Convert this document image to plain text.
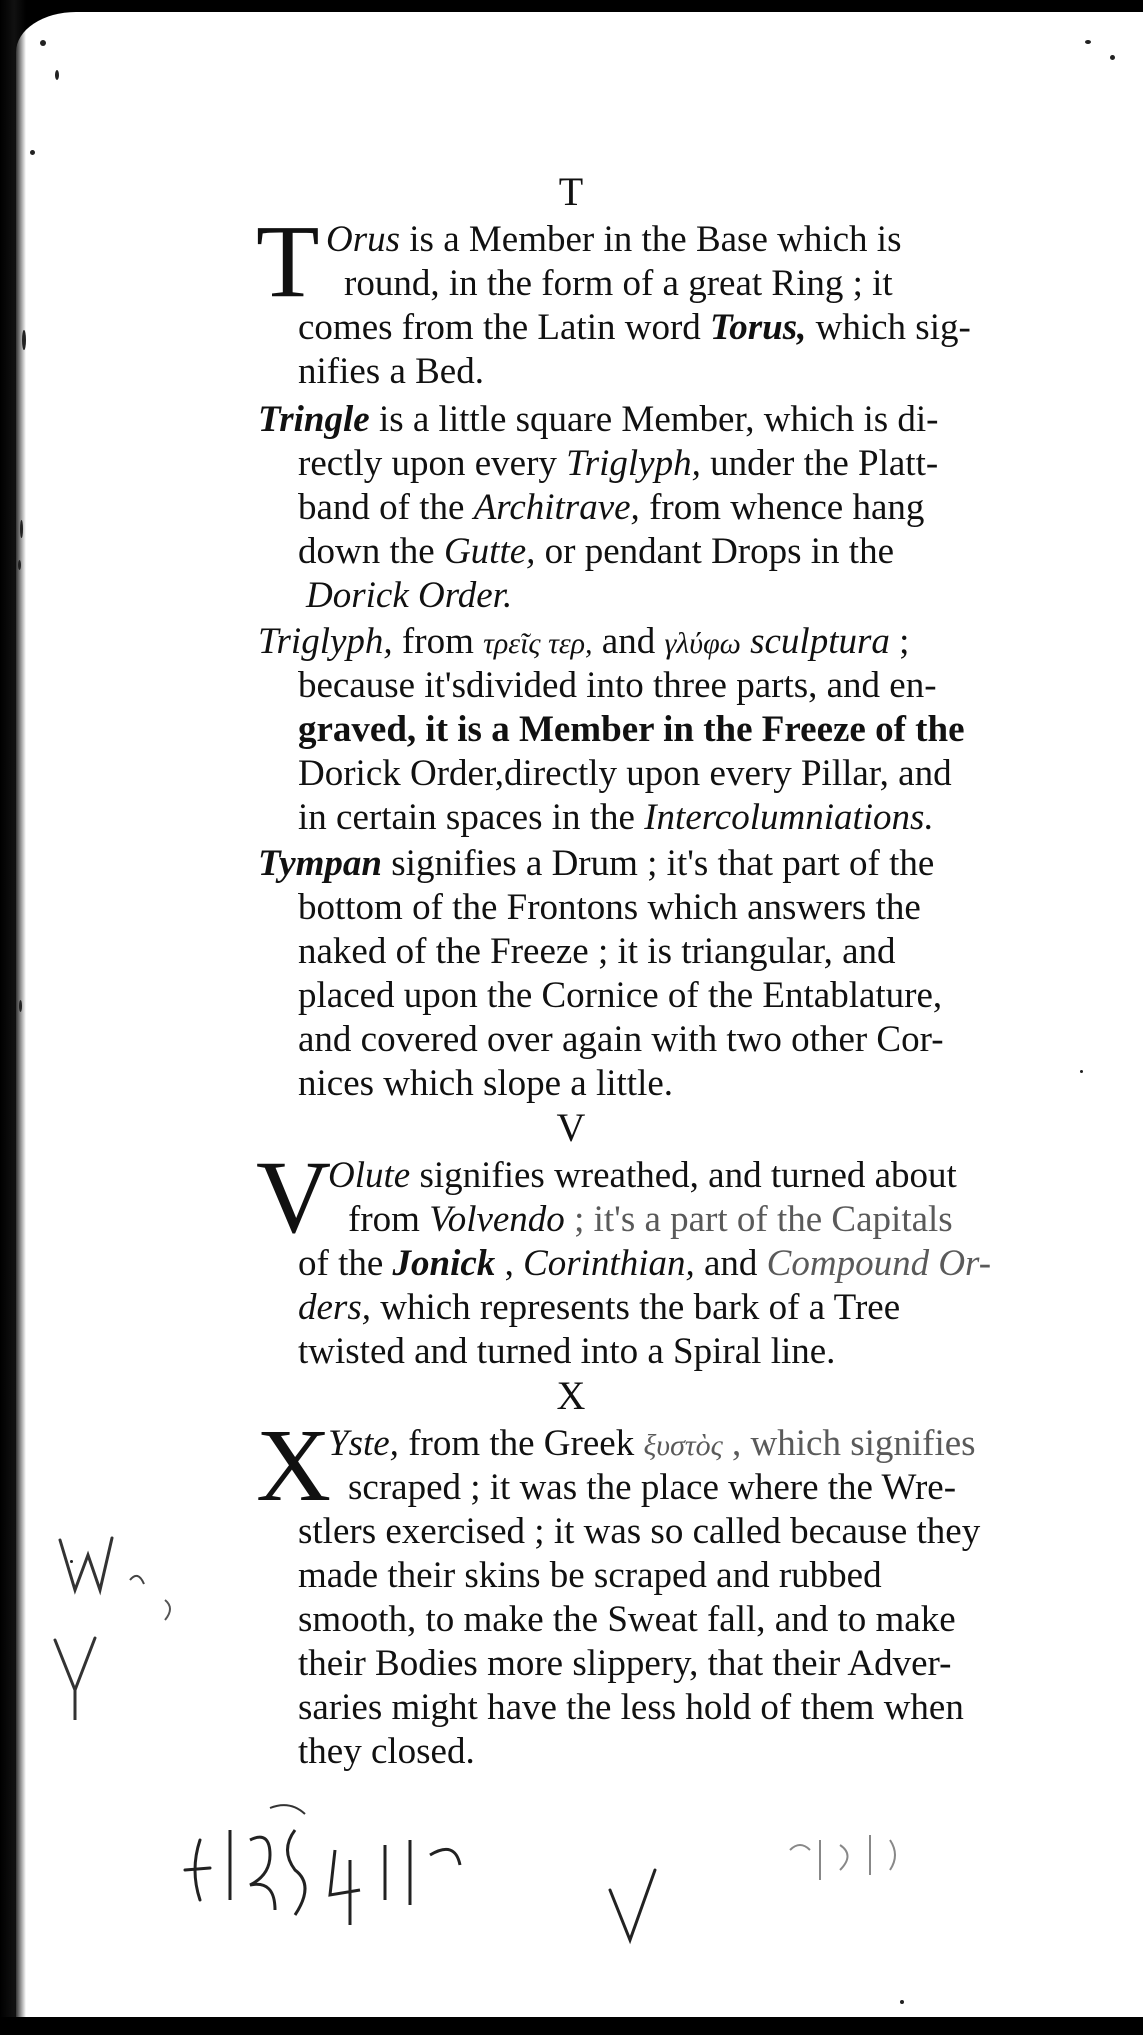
T
T Orus is a Member in the Base which is
round, in the form of a great Ring ; it
comes from the Latin word Torus, which sig-
nifies a Bed.
Tringle is a little square Member, which is di-
rectly upon every Triglyph, under the Platt-
band of the Architrave, from whence hang
down the Gutte, or pendant Drops in the
Dorick Order.
Triglyph, from τρεῖς τερ, and γλύφω sculptura ;
because it'sdivided into three parts, and en-
graved, it is a Member in the Freeze of the
Dorick Order,directly upon every Pillar, and
in certain spaces in the Intercolumniations.
Tympan signifies a Drum ; it's that part of the
bottom of the Frontons which answers the
naked of the Freeze ; it is triangular, and
placed upon the Cornice of the Entablature,
and covered over again with two other Cor-
nices which slope a little.
V
V
Olute signifies wreathed, and turned about
from Volvendo ; it's a part of the Capitals
of the Jonick , Corinthian, and Compound Or-
ders, which represents the bark of a Tree
twisted and turned into a Spiral line.
X
X
Yste, from the Greek ξυστὸς , which signifies
scraped ; it was the place where the Wre-
stlers exercised ; it was so called because they
made their skins be scraped and rubbed
smooth, to make the Sweat fall, and to make
their Bodies more slippery, that their Adver-
saries might have the less hold of them when
they closed.
